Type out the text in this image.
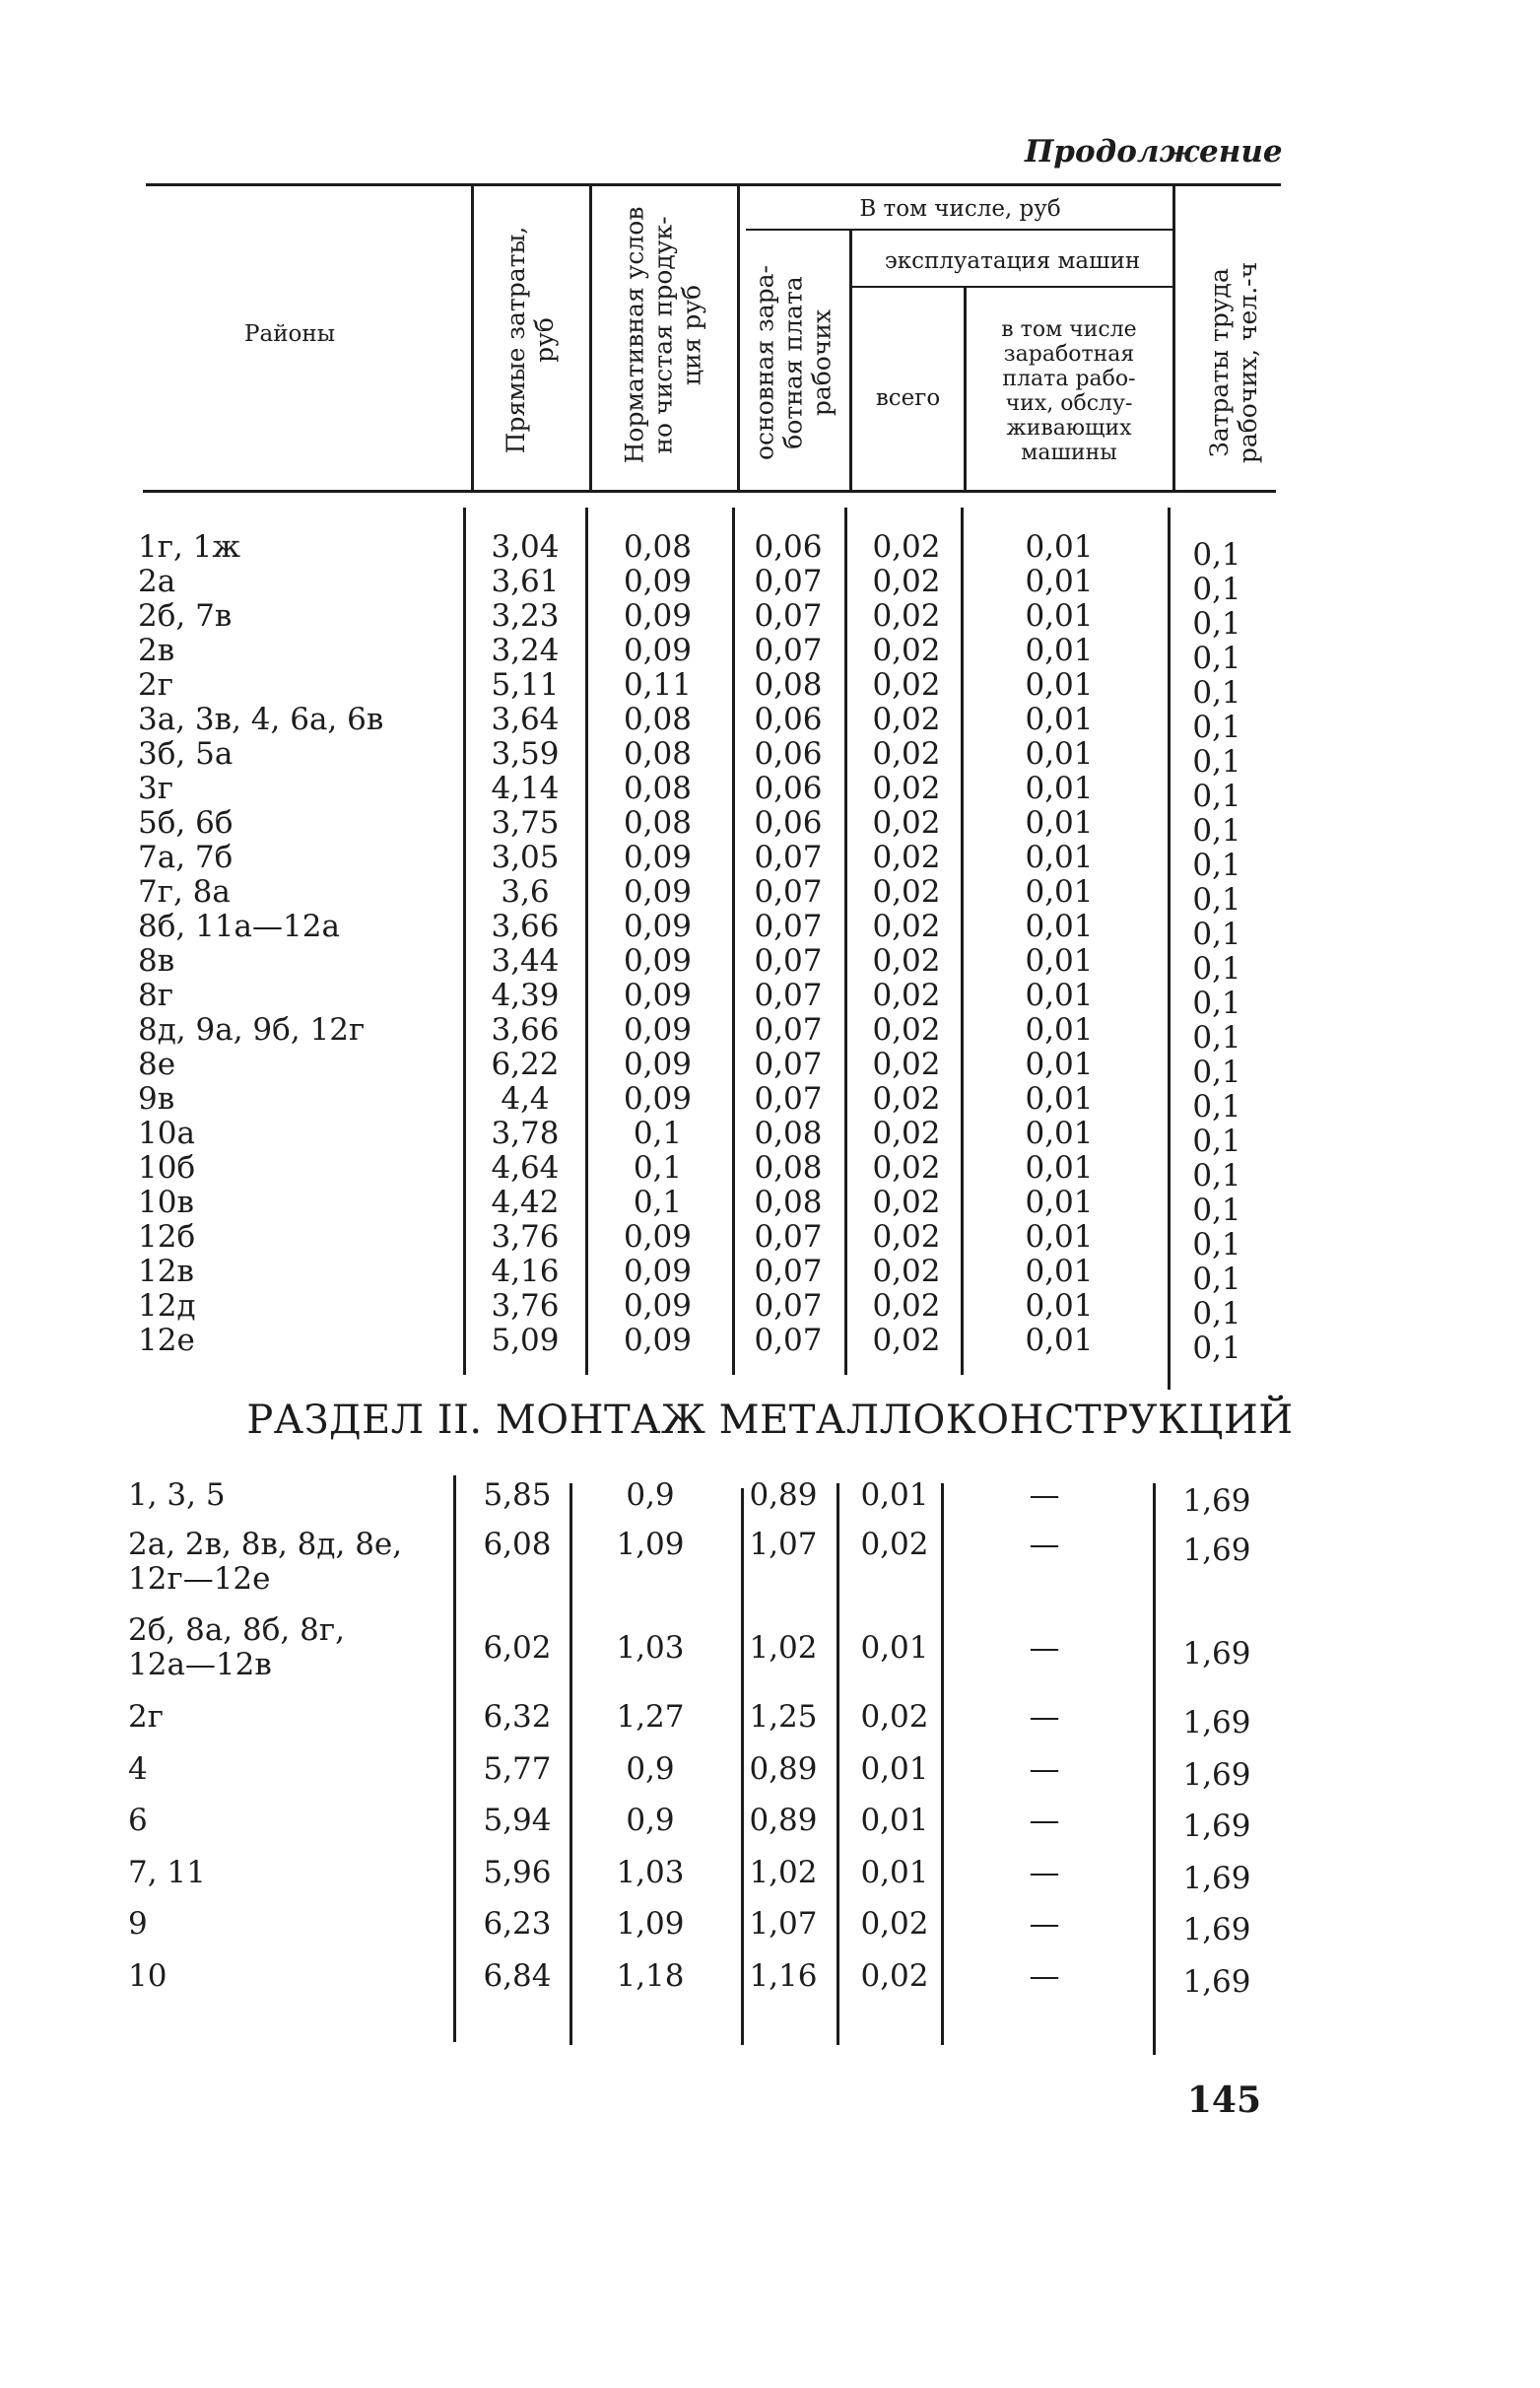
Продолжение
Районы
Прямые затраты,
руб	Нормативная услов
но чистая продук-
ция руб
В том числе, руб
основная зара-
ботная плата
рабочих
эксплуатация машин
всего
в том числе
заработная
плата рабо-
чих, обслу-
живающих
машины	Затраты труда
рабочих, чел.-ч
1г, 1ж	3,04	0,08	0,06	0,02	0,01	0,1
2а	3,61	0,09	0,07	0,02	0,01	0,1
2б, 7в	3,23	0,09	0,07	0,02	0,01	0,1
2в	3,24	0,09	0,07	0,02	0,01	0,1
2г	5,11	0,11	0,08	0,02	0,01	0,1
3а, 3в, 4, 6а, 6в	3,64	0,08	0,06	0,02	0,01	0,1
3б, 5а	3,59	0,08	0,06	0,02	0,01	0,1
3г	4,14	0,08	0,06	0,02	0,01	0,1
5б, 6б	3,75	0,08	0,06	0,02	0,01	0,1
7а, 7б	3,05	0,09	0,07	0,02	0,01	0,1
7г, 8а	3,6	0,09	0,07	0,02	0,01	0,1
8б, 11а—12а	3,66	0,09	0,07	0,02	0,01	0,1
8в	3,44	0,09	0,07	0,02	0,01	0,1
8г	4,39	0,09	0,07	0,02	0,01	0,1
8д, 9а, 9б, 12г	3,66	0,09	0,07	0,02	0,01	0,1
8е	6,22	0,09	0,07	0,02	0,01	0,1
9в	4,4	0,09	0,07	0,02	0,01	0,1
10а	3,78	0,1	0,08	0,02	0,01	0,1
10б	4,64	0,1	0,08	0,02	0,01	0,1
10в	4,42	0,1	0,08	0,02	0,01	0,1
12б	3,76	0,09	0,07	0,02	0,01	0,1
12в	4,16	0,09	0,07	0,02	0,01	0,1
12д	3,76	0,09	0,07	0,02	0,01	0,1
12е	5,09	0,09	0,07	0,02	0,01	0,1
РАЗДЕЛ II. МОНТАЖ МЕТАЛЛОКОНСТРУКЦИЙ
1, 3, 5	5,85	0,9	0,89	0,01	—	1,69
2а, 2в, 8в, 8д, 8е,
12г—12е
6,08	1,09	1,07	0,02	—	1,69
2б, 8а, 8б, 8г,
12а—12в	6,02	1,03	1,02	0,01	—	1,69
2г	6,32	1,27	1,25	0,02	—	1,69
4	5,77	0,9	0,89	0,01	—	1,69
6	5,94	0,9	0,89	0,01	—	1,69
7, 11	5,96	1,03	1,02	0,01	—	1,69
9	6,23	1,09	1,07	0,02	—	1,69
10	6,84	1,18	1,16	0,02	—	1,69
145
